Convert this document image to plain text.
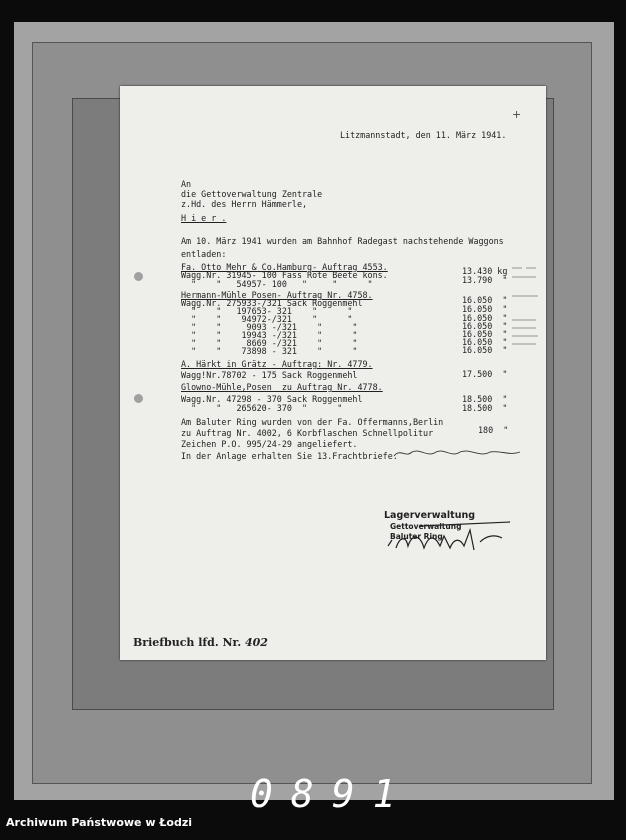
+
Litzmannstadt, den 11. März 1941.
An
die Gettoverwaltung Zentrale
z.Hd. des Herrn Hämmerle,
H i e r .
Am 10. März 1941 wurden am Bahnhof Radegast nachstehende Waggons
entladen:
Fa. Otto Mehr & Co.Hamburg- Auftrag 4553.
Wagg.Nr. 31945- 100 Fass Rote Beete kons.	13.430 kg
"    "   54957- 100   "     "      "	13.790  "
Hermann-Mühle Posen- Auftrag Nr. 4758.
Wagg.Nr. 275933-/321 Sack Roggenmehl	16.050  "
"    "   197653- 321    "      "	16.050  "
"    "    94972-/321    "      "	16.050  "
"    "     9093 -/321    "      "	16.050  "
"    "    19943 -/321    "      "	16.050  "
"    "     8669 -/321    "      "	16.050  "
"    "    73898 - 321    "      "	16.050  "
A. Härkt in Grätz - Auftrag: Nr. 4779.
Wagg!Nr.78702 - 175 Sack Roggenmehl	17.500  "
Glowno-Mühle,Posen  zu Auftrag Nr. 4778.
Wagg.Nr. 47298 - 370 Sack Roggenmehl	18.500  "
"    "   265620- 370  "      "	18.500  "
Am Baluter Ring wurden von der Fa. Offermanns,Berlin
zu Auftrag Nr. 4002, 6 Korbflaschen Schnellpolitur	180  "
Zeichen P.O. 995/24-29 angeliefert.
In der Anlage erhalten Sie 13.Frachtbriefe.
Lagerverwaltung
Gettoverwaltung
Baluter Ring
Briefbuch lfd. Nr. 402
0891
Archiwum Państwowe w Łodzi
